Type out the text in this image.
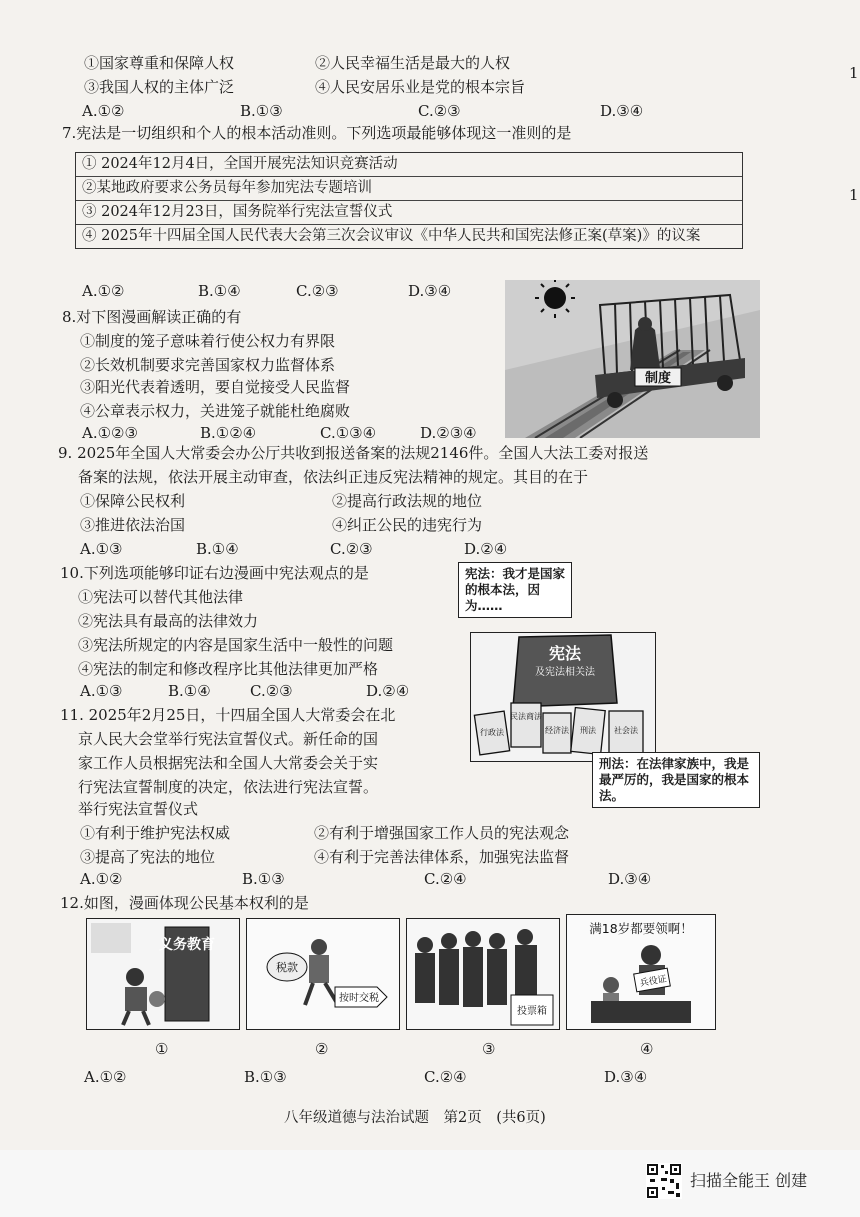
1
1
①国家尊重和保障人权	②人民幸福生活是最大的人权
③我国人权的主体广泛	④人民安居乐业是党的根本宗旨
A.①②	B.①③	C.②③	D.③④
7.宪法是一切组织和个人的根本活动准则。下列选项最能够体现这一准则的是
① 2024年12月4日，全国开展宪法知识竞赛活动
②某地政府要求公务员每年参加宪法专题培训
③ 2024年12月23日，国务院举行宪法宣誓仪式
④ 2025年十四届全国人民代表大会第三次会议审议《中华人民共和国宪法修正案(草案)》的议案
A.①②	B.①④	C.②③	D.③④
8.对下图漫画解读正确的有
①制度的笼子意味着行使公权力有界限
②长效机制要求完善国家权力监督体系
③阳光代表着透明，要自觉接受人民监督
④公章表示权力，关进笼子就能杜绝腐败
A.①②③	B.①②④	C.①③④	D.②③④
制度
9. 2025年全国人大常委会办公厅共收到报送备案的法规2146件。全国人大法工委对报送
备案的法规，依法开展主动审查，依法纠正违反宪法精神的规定。其目的在于
①保障公民权利	②提高行政法规的地位
③推进依法治国	④纠正公民的违宪行为
A.①③	B.①④	C.②③	D.②④
10.下列选项能够印证右边漫画中宪法观点的是
①宪法可以替代其他法律
②宪法具有最高的法律效力
③宪法所规定的内容是国家生活中一般性的问题
④宪法的制定和修改程序比其他法律更加严格
A.①③	B.①④	C.②③	D.②④
宪法：我才是国家的根本法，因为……
宪法
及宪法相关法
行政法
民法商法
经济法 刑法 社会法
刑法：在法律家族中，我是最严厉的，我是国家的根本法。
11. 2025年2月25日，十四届全国人大常委会在北
京人民大会堂举行宪法宣誓仪式。新任命的国
家工作人员根据宪法和全国人大常委会关于实
行宪法宣誓制度的决定，依法进行宪法宣誓。
举行宪法宣誓仪式
①有利于维护宪法权威	②有利于增强国家工作人员的宪法观念
③提高了宪法的地位	④有利于完善法律体系，加强宪法监督
A.①②	B.①③	C.②④	D.③④
12.如图，漫画体现公民基本权利的是
义务教育
税款
按时交税
投票箱
满18岁都要领啊！
兵役证
①	②	③	④
A.①②	B.①③	C.②④	D.③④
八年级道德与法治试题　第2页　(共6页)
扫描全能王 创建
